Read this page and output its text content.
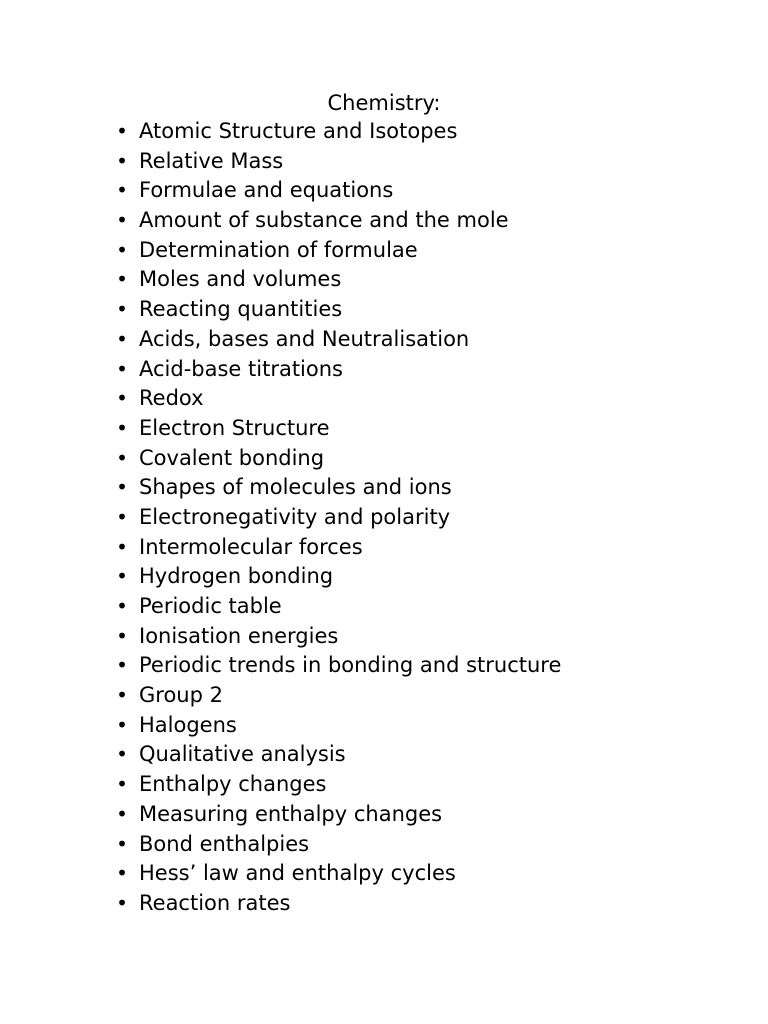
Chemistry:
• Atomic Structure and Isotopes
• Relative Mass
• Formulae and equations
• Amount of substance and the mole
• Determination of formulae
• Moles and volumes
• Reacting quantities
• Acids, bases and Neutralisation
• Acid-base titrations
• Redox
• Electron Structure
• Covalent bonding
• Shapes of molecules and ions
• Electronegativity and polarity
• Intermolecular forces
• Hydrogen bonding
• Periodic table
• Ionisation energies
• Periodic trends in bonding and structure
• Group 2
• Halogens
• Qualitative analysis
• Enthalpy changes
• Measuring enthalpy changes
• Bond enthalpies
• Hess’ law and enthalpy cycles
• Reaction rates
